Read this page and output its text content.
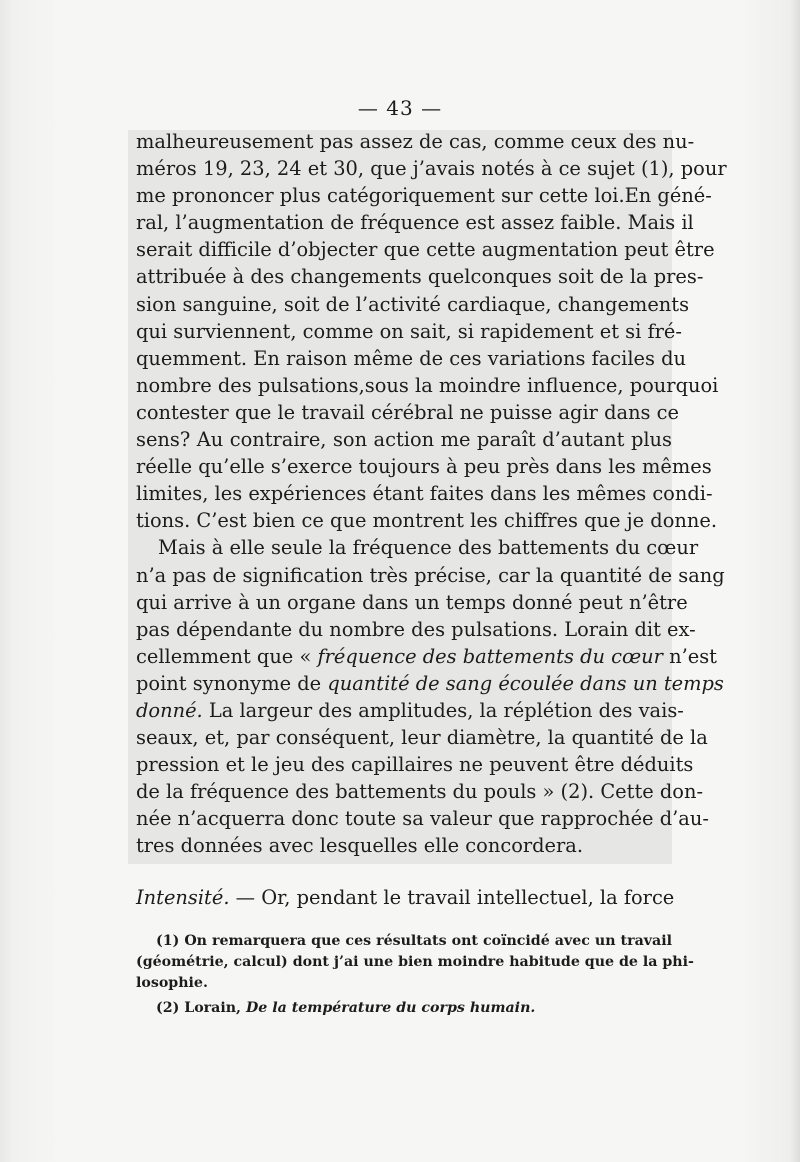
— 43 —
malheureusement pas assez de cas, comme ceux des nu-
méros 19, 23, 24 et 30, que j’avais notés à ce sujet (1), pour
me prononcer plus catégoriquement sur cette loi.En géné-
ral, l’augmentation de fréquence est assez faible. Mais il
serait difficile d’objecter que cette augmentation peut être
attribuée à des changements quelconques soit de la pres-
sion sanguine, soit de l’activité cardiaque, changements
qui surviennent, comme on sait, si rapidement et si fré-
quemment. En raison même de ces variations faciles du
nombre des pulsations,sous la moindre influence, pourquoi
contester que le travail cérébral ne puisse agir dans ce
sens? Au contraire, son action me paraît d’autant plus
réelle qu’elle s’exerce toujours à peu près dans les mêmes
limites, les expériences étant faites dans les mêmes condi-
tions. C’est bien ce que montrent les chiffres que je donne.
Mais à elle seule la fréquence des battements du cœur
n’a pas de signification très précise, car la quantité de sang
qui arrive à un organe dans un temps donné peut n’être
pas dépendante du nombre des pulsations. Lorain dit ex-
cellemment que « fréquence des battements du cœur n’est
point synonyme de quantité de sang écoulée dans un temps
donné. La largeur des amplitudes, la réplétion des vais-
seaux, et, par conséquent, leur diamètre, la quantité de la
pression et le jeu des capillaires ne peuvent être déduits
de la fréquence des battements du pouls » (2). Cette don-
née n’acquerra donc toute sa valeur que rapprochée d’au-
tres données avec lesquelles elle concordera.
Intensité. — Or, pendant le travail intellectuel, la force
(1) On remarquera que ces résultats ont coïncidé avec un travail
(géométrie, calcul) dont j’ai une bien moindre habitude que de la phi-
losophie.
(2) Lorain, De la température du corps humain.
